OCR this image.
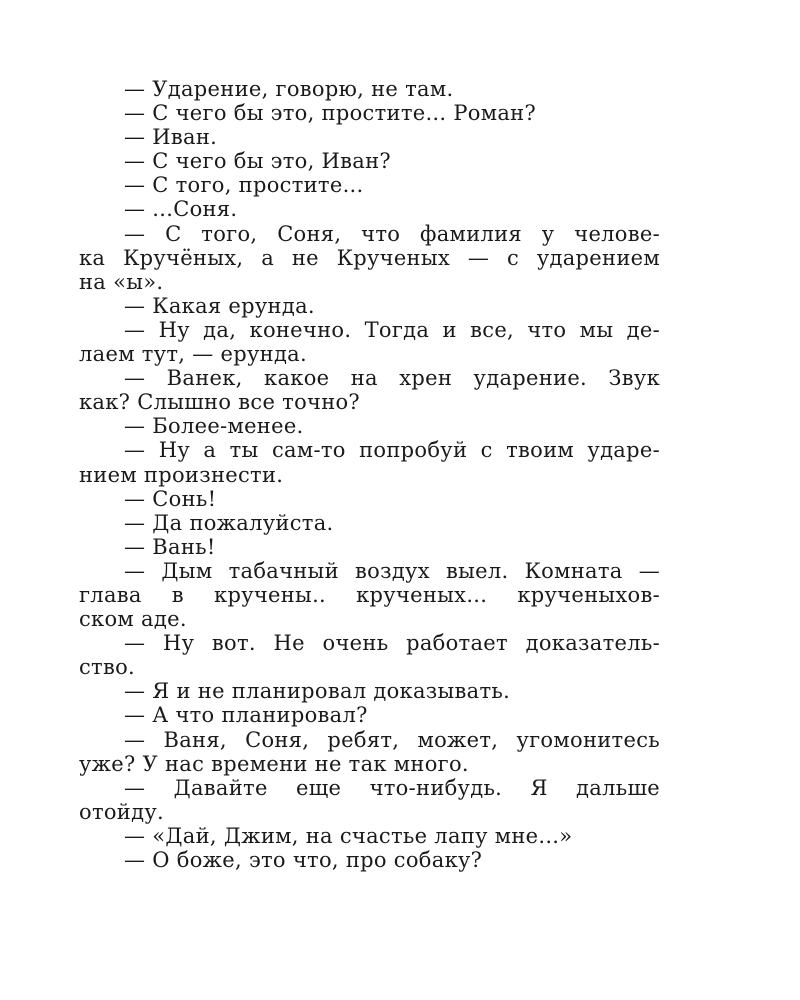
— Ударение, говорю, не там.
— С чего бы это, простите... Роман?
— Иван.
— С чего бы это, Иван?
— С того, простите...
— ...Соня.
— С того, Соня, что фамилия у челове-
ка Кручёных, а не Крученых — с ударением
на «ы».
— Какая ерунда.
— Ну да, конечно. Тогда и все, что мы де-
лаем тут, — ерунда.
— Ванек, какое на хрен ударение. Звук
как? Слышно все точно?
— Более-менее.
— Ну а ты сам-то попробуй с твоим ударе-
нием произнести.
— Сонь!
— Да пожалуйста.
— Вань!
— Дым табачный воздух выел. Комната —
глава в кручены.. крученых... крученыхов-
ском аде.
— Ну вот. Не очень работает доказатель-
ство.
— Я и не планировал доказывать.
— А что планировал?
— Ваня, Соня, ребят, может, угомонитесь
уже? У нас времени не так много.
— Давайте еще что-нибудь. Я дальше
отойду.
— «Дай, Джим, на счастье лапу мне...»
— О боже, это что, про собаку?
